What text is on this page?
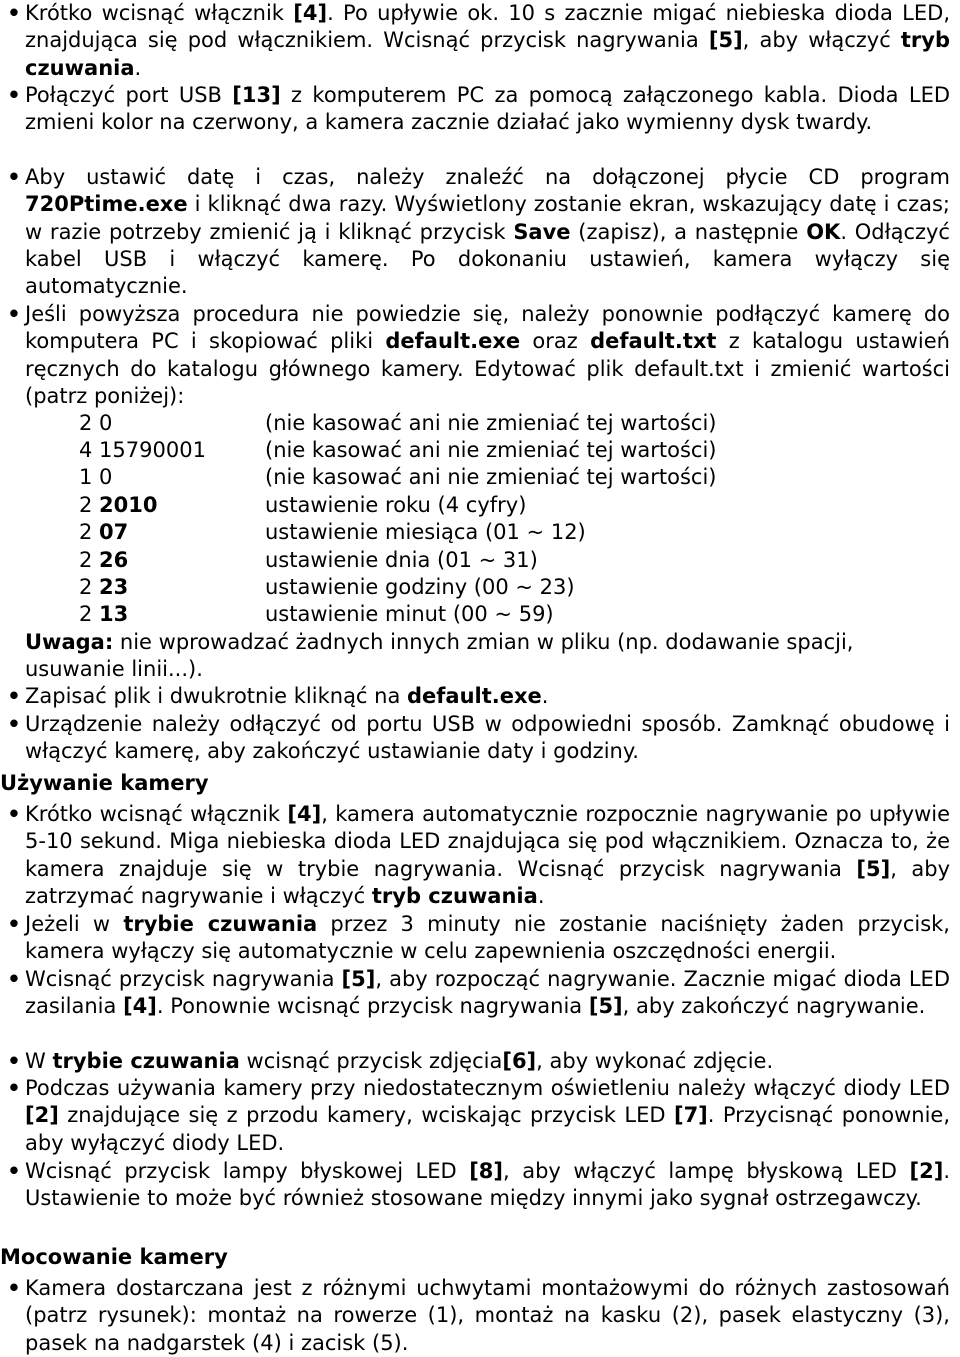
• Krótko wcisnąć włącznik [4]. Po upływie ok. 10 s zacznie migać niebieska dioda LED, znajdująca się pod włącznikiem. Wcisnąć przycisk nagrywania [5], aby włączyć tryb czuwania.
• Połączyć port USB [13] z komputerem PC za pomocą załączonego kabla. Dioda LED zmieni kolor na czerwony, a kamera zacznie działać jako wymienny dysk twardy.
• Aby ustawić datę i czas, należy znaleźć na dołączonej płycie CD program 720Ptime.exe i kliknąć dwa razy. Wyświetlony zostanie ekran, wskazujący datę i czas; w razie potrzeby zmienić ją i kliknąć przycisk Save (zapisz), a następnie OK. Odłączyć kabel USB i włączyć kamerę. Po dokonaniu ustawień, kamera wyłączy się automatycznie.
• Jeśli powyższa procedura nie powiedzie się, należy ponownie podłączyć kamerę do komputera PC i skopiować pliki default.exe oraz default.txt z katalogu ustawień ręcznych do katalogu głównego kamery. Edytować plik default.txt i zmienić wartości (patrz poniżej):
2 0	(nie kasować ani nie zmieniać tej wartości)
4 15790001	(nie kasować ani nie zmieniać tej wartości)
1 0	(nie kasować ani nie zmieniać tej wartości)
2 2010	ustawienie roku (4 cyfry)
2 07	ustawienie miesiąca (01 ~ 12)
2 26	ustawienie dnia (01 ~ 31)
2 23	ustawienie godziny (00 ~ 23)
2 13	ustawienie minut (00 ~ 59)
Uwaga: nie wprowadzać żadnych innych zmian w pliku (np. dodawanie spacji, usuwanie linii...).
• Zapisać plik i dwukrotnie kliknąć na default.exe.
• Urządzenie należy odłączyć od portu USB w odpowiedni sposób. Zamknąć obudowę i włączyć kamerę, aby zakończyć ustawianie daty i godziny.
Używanie kamery
• Krótko wcisnąć włącznik [4], kamera automatycznie rozpocznie nagrywanie po upływie 5-10 sekund. Miga niebieska dioda LED znajdująca się pod włącznikiem. Oznacza to, że kamera znajduje się w trybie nagrywania. Wcisnąć przycisk nagrywania [5], aby zatrzymać nagrywanie i włączyć tryb czuwania.
• Jeżeli w trybie czuwania przez 3 minuty nie zostanie naciśnięty żaden przycisk, kamera wyłączy się automatycznie w celu zapewnienia oszczędności energii.
• Wcisnąć przycisk nagrywania [5], aby rozpocząć nagrywanie. Zacznie migać dioda LED zasilania [4]. Ponownie wcisnąć przycisk nagrywania [5], aby zakończyć nagrywanie.
• W trybie czuwania wcisnąć przycisk zdjęcia[6], aby wykonać zdjęcie.
• Podczas używania kamery przy niedostatecznym oświetleniu należy włączyć diody LED [2] znajdujące się z przodu kamery, wciskając przycisk LED [7]. Przycisnąć ponownie, aby wyłączyć diody LED.
• Wcisnąć przycisk lampy błyskowej LED [8], aby włączyć lampę błyskową LED [2]. Ustawienie to może być również stosowane między innymi jako sygnał ostrzegawczy.
Mocowanie kamery
• Kamera dostarczana jest z różnymi uchwytami montażowymi do różnych zastosowań (patrz rysunek): montaż na rowerze (1), montaż na kasku (2), pasek elastyczny (3), pasek na nadgarstek (4) i zacisk (5).
